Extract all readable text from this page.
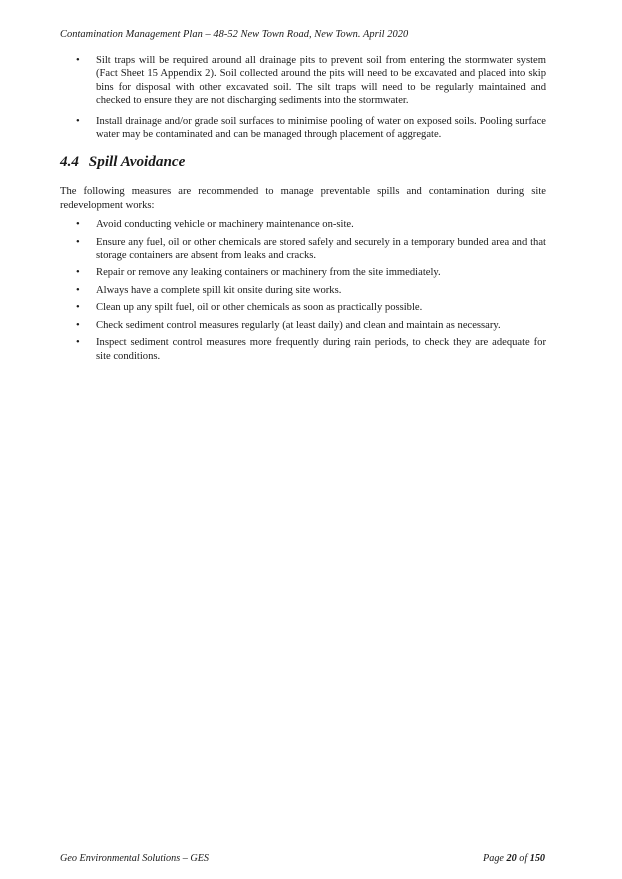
Contamination Management Plan – 48-52 New Town Road, New Town. April 2020
• Silt traps will be required around all drainage pits to prevent soil from entering the stormwater system (Fact Sheet 15 Appendix 2). Soil collected around the pits will need to be excavated and placed into skip bins for disposal with other excavated soil. The silt traps will need to be regularly maintained and checked to ensure they are not discharging sediments into the stormwater.
• Install drainage and/or grade soil surfaces to minimise pooling of water on exposed soils. Pooling surface water may be contaminated and can be managed through placement of aggregate.
4.4 Spill Avoidance

The following measures are recommended to manage preventable spills and contamination during site redevelopment works:

• Avoid conducting vehicle or machinery maintenance on-site.
• Ensure any fuel, oil or other chemicals are stored safely and securely in a temporary bunded area and that storage containers are absent from leaks and cracks.
• Repair or remove any leaking containers or machinery from the site immediately.
• Always have a complete spill kit onsite during site works.
• Clean up any spilt fuel, oil or other chemicals as soon as practically possible.
• Check sediment control measures regularly (at least daily) and clean and maintain as necessary.
• Inspect sediment control measures more frequently during rain periods, to check they are adequate for site conditions.
Geo Environmental Solutions – GES	Page 20 of 150
